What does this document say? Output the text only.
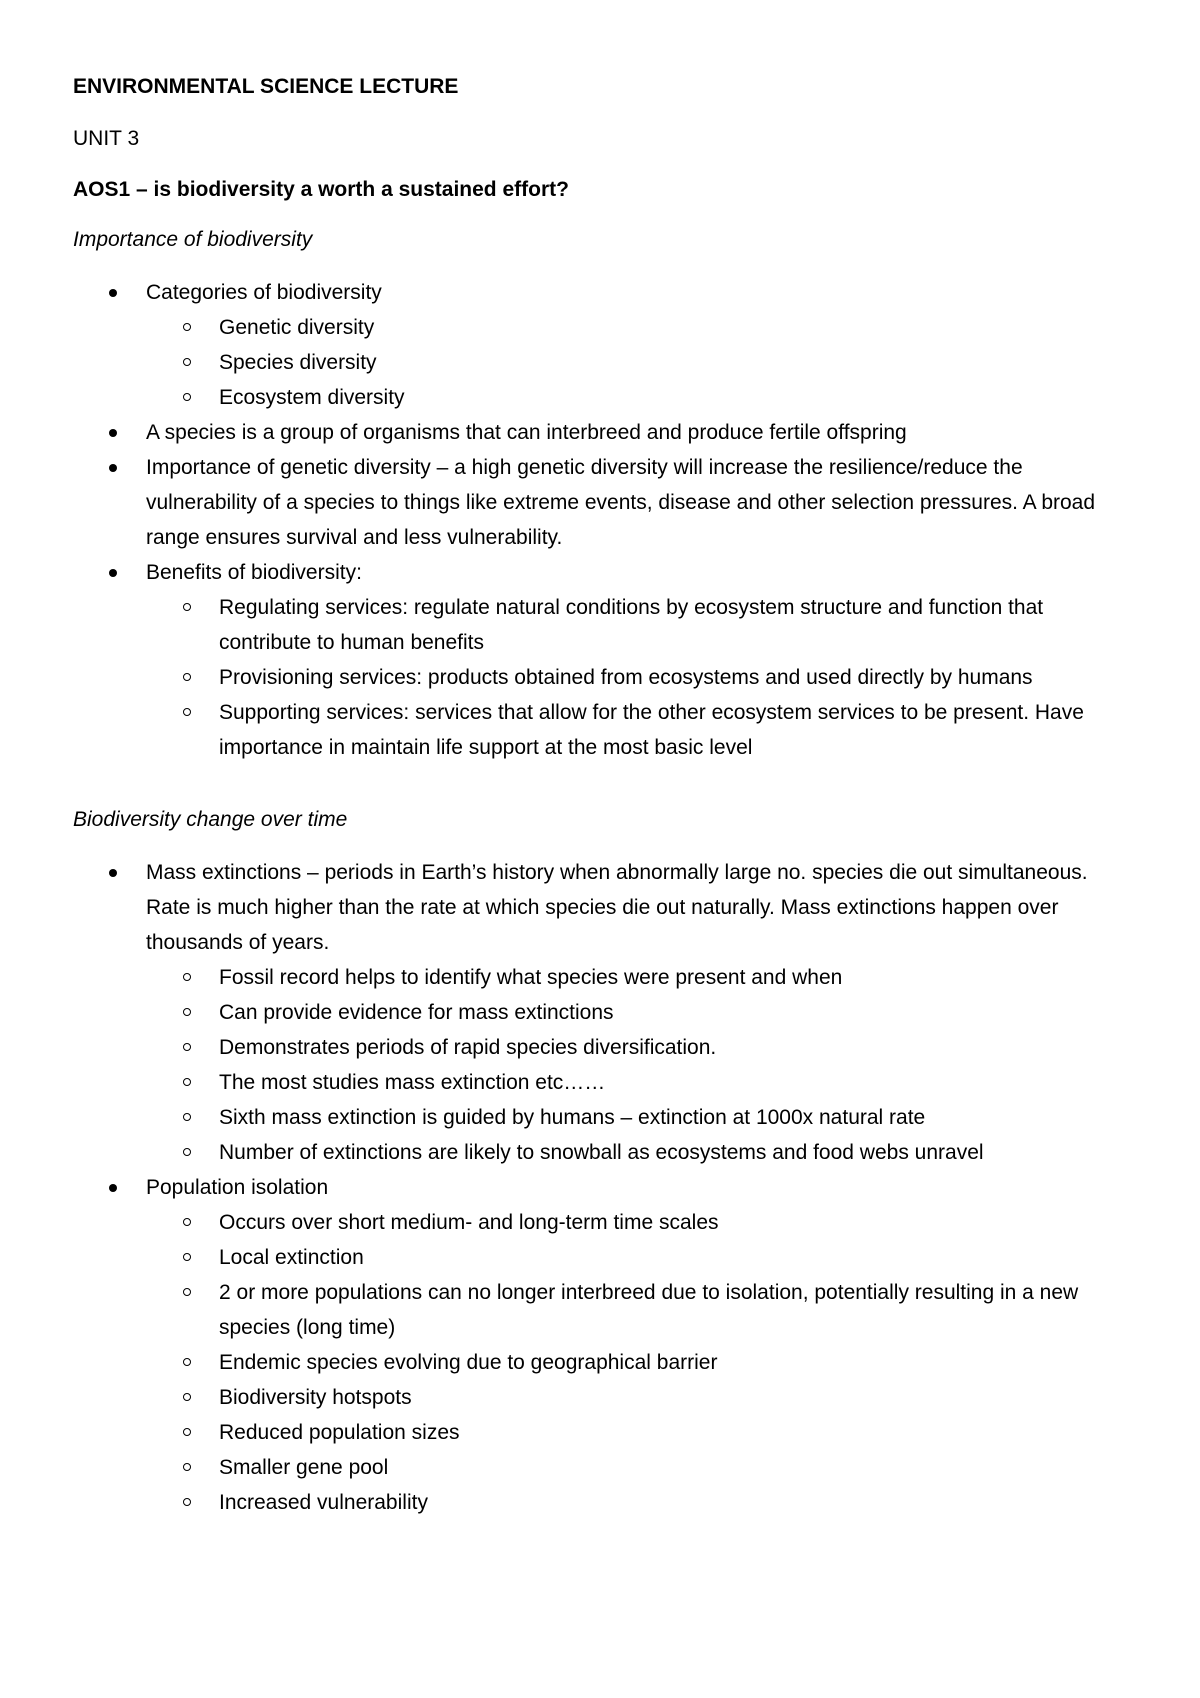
ENVIRONMENTAL SCIENCE LECTURE
UNIT 3
AOS1 – is biodiversity a worth a sustained effort?
Importance of biodiversity
Categories of biodiversity
Genetic diversity
Species diversity
Ecosystem diversity
A species is a group of organisms that can interbreed and produce fertile offspring
Importance of genetic diversity – a high genetic diversity will increase the resilience/reduce the vulnerability of a species to things like extreme events, disease and other selection pressures. A broad range ensures survival and less vulnerability.
Benefits of biodiversity:
Regulating services: regulate natural conditions by ecosystem structure and function that contribute to human benefits
Provisioning services: products obtained from ecosystems and used directly by humans
Supporting services: services that allow for the other ecosystem services to be present. Have importance in maintain life support at the most basic level
Biodiversity change over time
Mass extinctions – periods in Earth’s history when abnormally large no. species die out simultaneous. Rate is much higher than the rate at which species die out naturally. Mass extinctions happen over thousands of years.
Fossil record helps to identify what species were present and when
Can provide evidence for mass extinctions
Demonstrates periods of rapid species diversification.
The most studies mass extinction etc……
Sixth mass extinction is guided by humans – extinction at 1000x natural rate
Number of extinctions are likely to snowball as ecosystems and food webs unravel
Population isolation
Occurs over short medium- and long-term time scales
Local extinction
2 or more populations can no longer interbreed due to isolation, potentially resulting in a new species (long time)
Endemic species evolving due to geographical barrier
Biodiversity hotspots
Reduced population sizes
Smaller gene pool
Increased vulnerability
